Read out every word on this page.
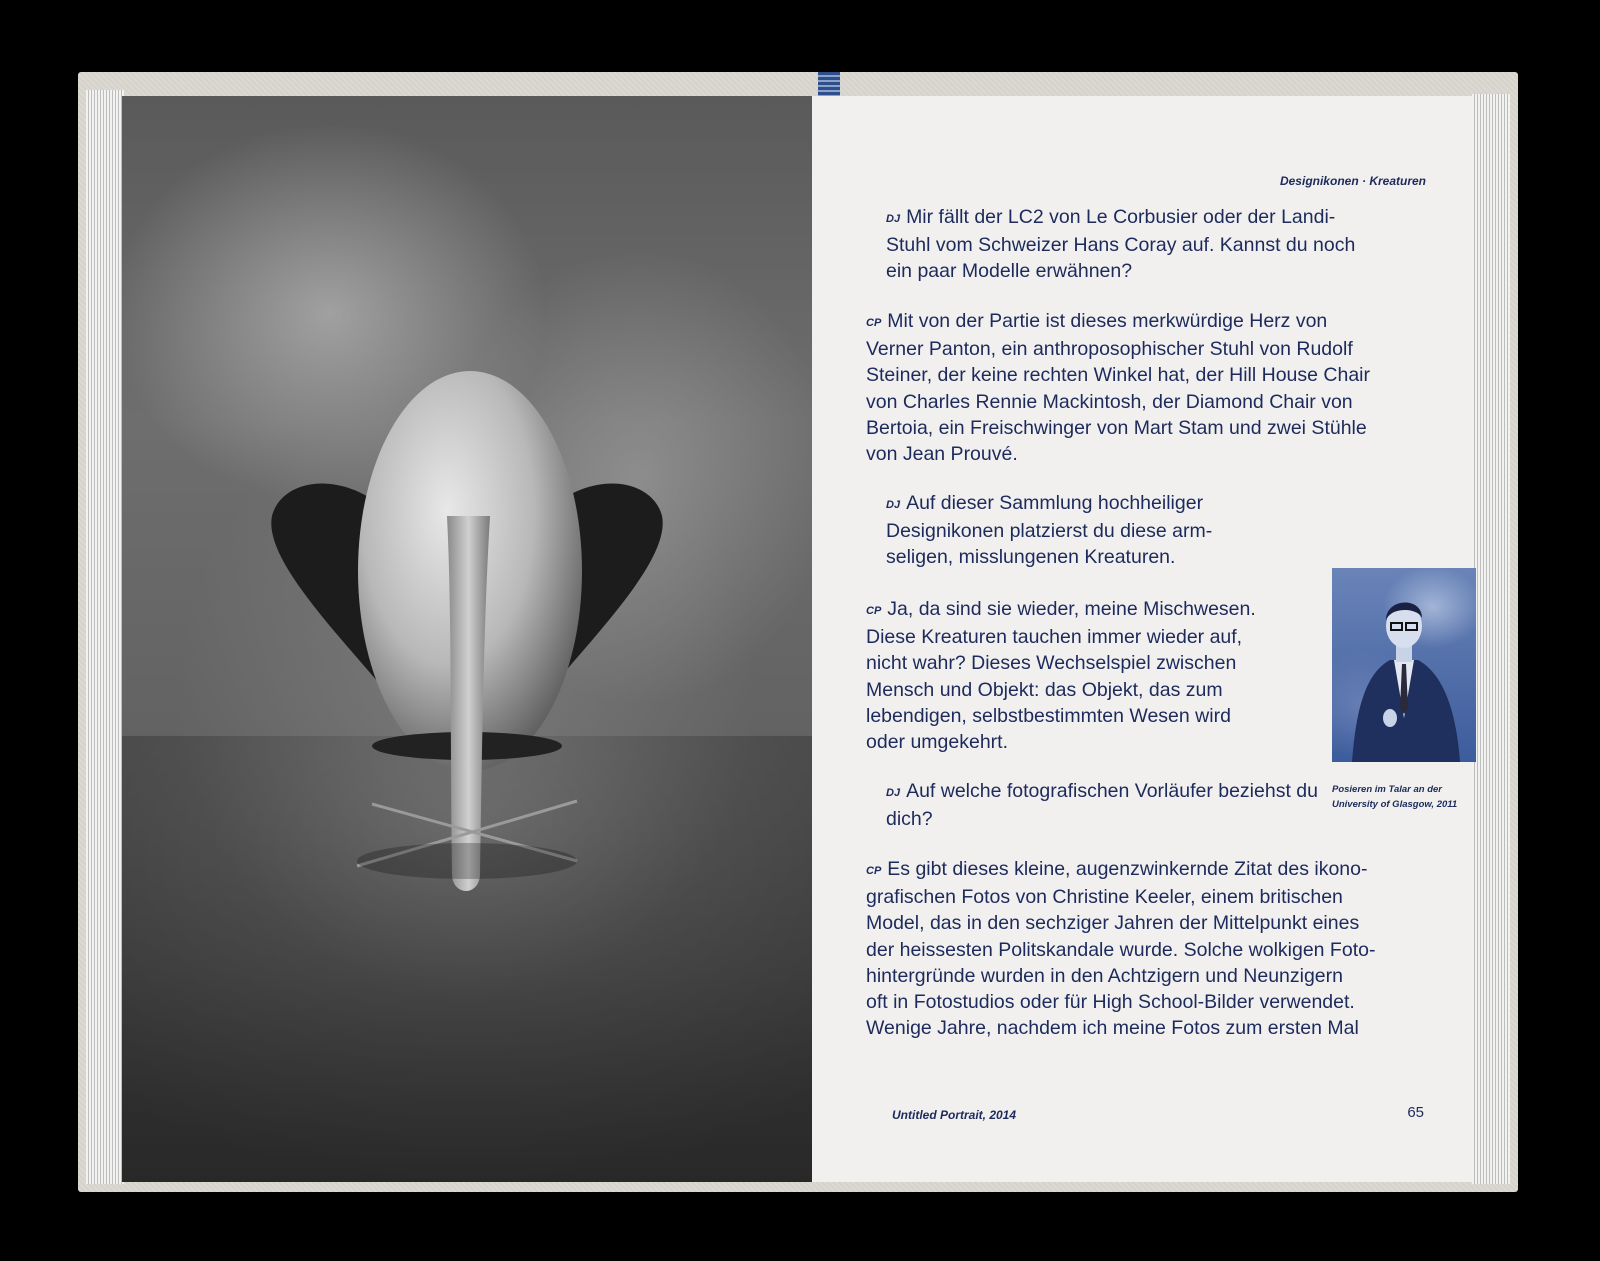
Designikonen · Kreaturen
DJ Mir fällt der LC2 von Le Corbusier oder der Landi-
Stuhl vom Schweizer Hans Coray auf. Kannst du noch
ein paar Modelle erwähnen?
CP Mit von der Partie ist dieses merkwürdige Herz von
Verner Panton, ein anthroposophischer Stuhl von Rudolf
Steiner, der keine rechten Winkel hat, der Hill House Chair
von Charles Rennie Mackintosh, der Diamond Chair von
Bertoia, ein Freischwinger von Mart Stam und zwei Stühle
von Jean Prouvé.
DJ Auf dieser Sammlung hochheiliger
Designikonen platzierst du diese arm-
seligen, misslungenen Kreaturen.
CP Ja, da sind sie wieder, meine Mischwesen.
Diese Kreaturen tauchen immer wieder auf,
nicht wahr? Dieses Wechselspiel zwischen
Mensch und Objekt: das Objekt, das zum
lebendigen, selbstbestimmten Wesen wird
oder umgekehrt.
DJ Auf welche fotografischen Vorläufer beziehst du
dich?
CP Es gibt dieses kleine, augenzwinkernde Zitat des ikono-
grafischen Fotos von Christine Keeler, einem britischen
Model, das in den sechziger Jahren der Mittelpunkt eines
der heissesten Politskandale wurde. Solche wolkigen Foto-
hintergründe wurden in den Achtzigern und Neunzigern
oft in Fotostudios oder für High School-Bilder verwendet.
Wenige Jahre, nachdem ich meine Fotos zum ersten Mal
Posieren im Talar an der
University of Glasgow, 2011
Untitled Portrait, 2014	65
